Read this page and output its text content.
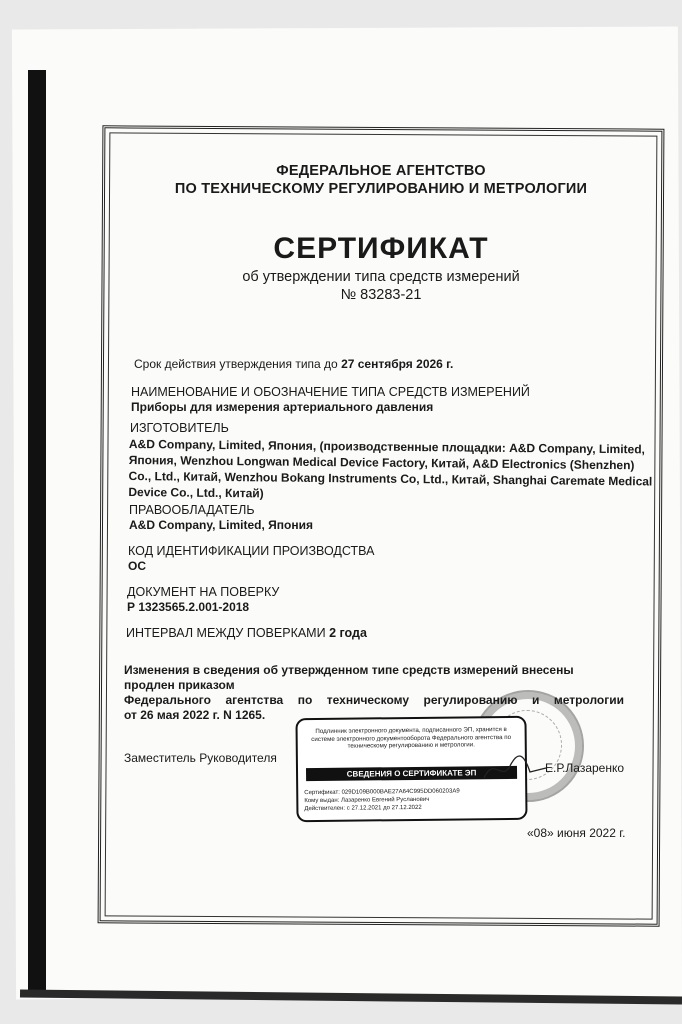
ФЕДЕРАЛЬНОЕ АГЕНТСТВО

ПО ТЕХНИЧЕСКОМУ РЕГУЛИРОВАНИЮ И МЕТРОЛОГИИ

СЕРТИФИКАТ

об утверждении типа средств измерений

№ 83283-21

Срок действия утверждения типа до 27 сентября 2026 г.

НАИМЕНОВАНИЕ И ОБОЗНАЧЕНИЕ ТИПА СРЕДСТВ ИЗМЕРЕНИЙ

Приборы для измерения артериального давления

ИЗГОТОВИТЕЛЬ

A&D Company, Limited, Япония, (производственные площадки: A&D Company, Limited,
Япония, Wenzhou Longwan Medical Device Factory, Китай, A&D Electronics (Shenzhen)
Co., Ltd., Китай, Wenzhou Bokang Instruments Co, Ltd., Китай, Shanghai Caremate Medical
Device Co., Ltd., Китай)

ПРАВООБЛАДАТЕЛЬ

A&D Company, Limited, Япония

КОД ИДЕНТИФИКАЦИИ ПРОИЗВОДСТВА

ОС

ДОКУМЕНТ НА ПОВЕРКУ

Р 1323565.2.001-2018

ИНТЕРВАЛ МЕЖДУ ПОВЕРКАМИ 2 года

Изменения в сведения об утвержденном типе средств измерений внесены продлен приказом
Федерального агентства по техническому регулированию и метрологии
от 26 мая 2022 г. N 1265.

Заместитель Руководителя

Подлинник электронного документа, подписанного ЭП, хранится в системе электронного документооборота Федерального агентства по техническому регулированию и метрологии.
СВЕДЕНИЯ О СЕРТИФИКАТЕ ЭП
Сертификат: 029D109B000BAE27A64C995DD060203A9
Кому выдан: Лазаренко Евгений Русланович
Действителен: с 27.12.2021 до 27.12.2022

Е.Р.Лазаренко

«08» июня 2022 г.
